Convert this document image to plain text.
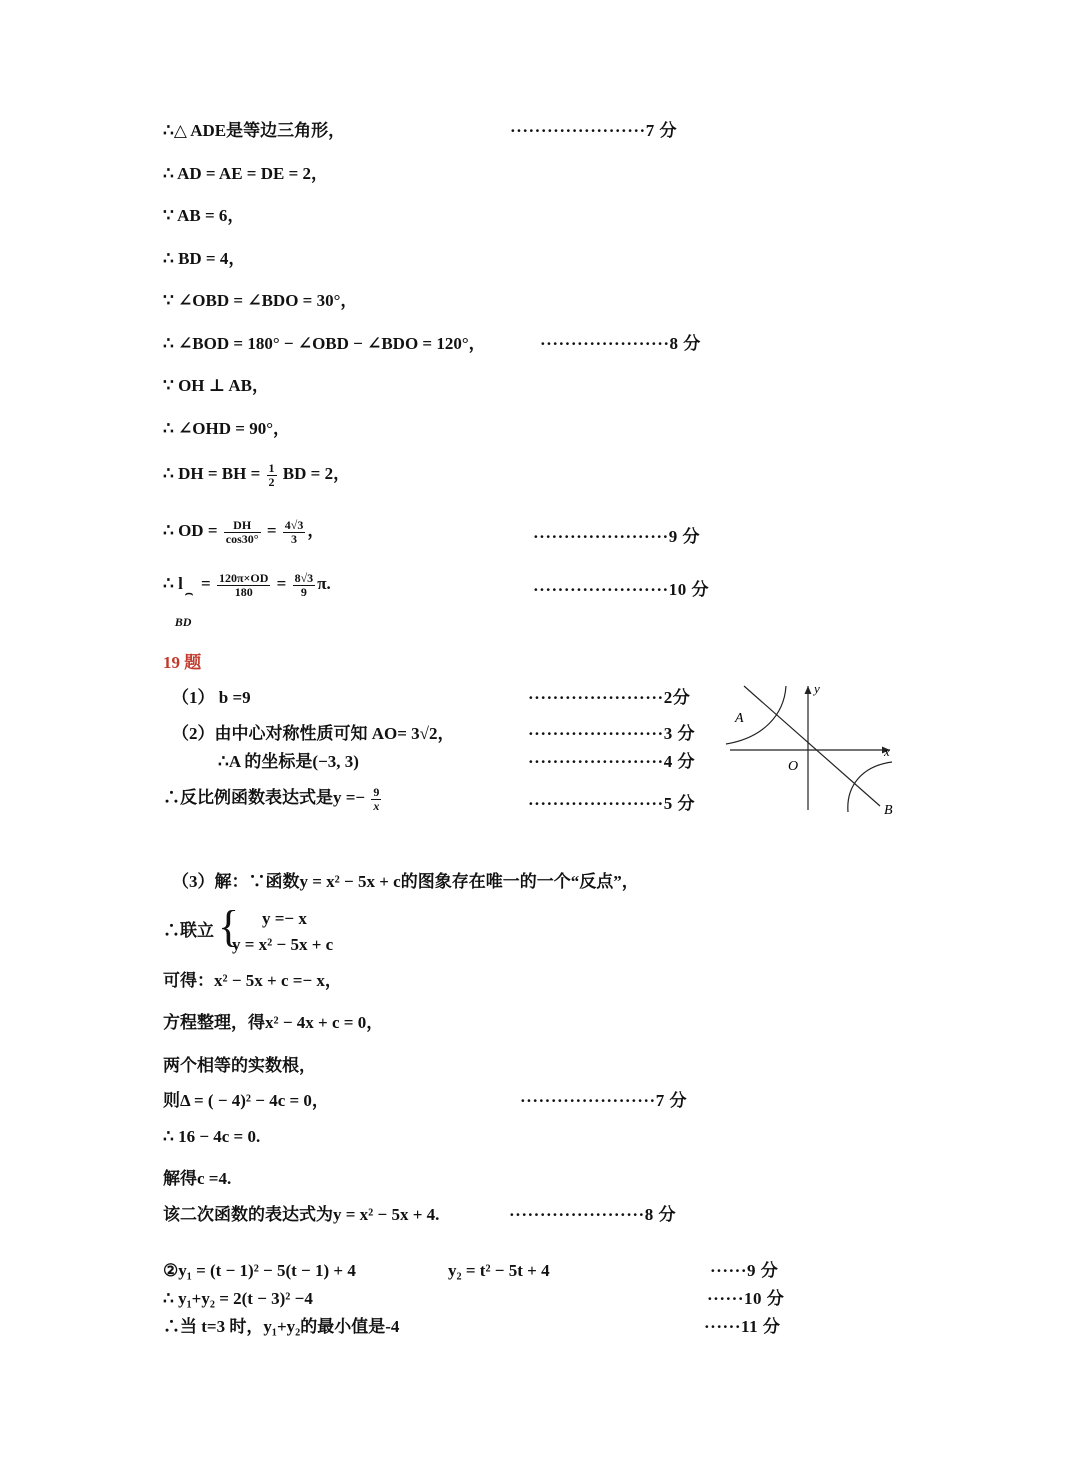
∴△ ADE是等边三角形，	······················7 分
∴ AD = AE = DE = 2，
∵ AB = 6，
∴ BD = 4，
∵ ∠OBD = ∠BDO = 30°，
∴ ∠BOD = 180° − ∠OBD − ∠BDO = 120°，	·····················8 分
∵ OH ⊥ AB，
∴ ∠OHD = 90°，
∴ DH = BH = $\frac{1}{2}$ BD = 2，
∴ OD = $\frac{DH}{\cos 30^\circ} = \frac{4√3}{3}$ ，	······················9 分
∴ l ⌢
BD
= $\frac{120\pi\times OD}{180} = \frac{8√3}{9} \pi$.	······················10 分
19 题
（1） b =9	······················2分
（2）由中心对称性质可知 AO= 3√2，	······················3 分
∴A 的坐标是(−3, 3)	······················4 分
∴反比例函数表达式是$y =- \frac{9}{x}$	······················5 分
y
x
O
A
B
（3）解：∵函数y = x² − 5x + c的图象存在唯一的一个“反点”，
∴联立 {	y =− x
y = x² − 5x + c
可得：x² − 5x + c =− x，
方程整理，得x² − 4x + c = 0，
两个相等的实数根，
则Δ = ( − 4)² − 4c = 0，	······················7 分
∴ 16 − 4c = 0.
解得c =4.
该二次函数的表达式为y = x² − 5x + 4.	······················8 分
②y₁ = (t − 1)² − 5(t − 1) + 4	y₂ = t² − 5t + 4	······9 分
∴ y₁+y₂ = 2(t − 3)² −4	······10 分
∴当 t=3 时，y₁+y₂的最小值是-4	······11 分
